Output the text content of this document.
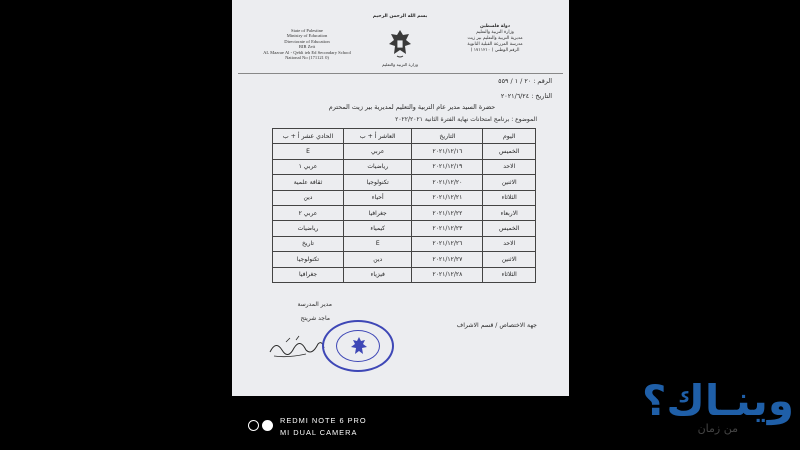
State of Palestine
Ministry of Education
Directorate of Education
BIR Zeit
AL Mazrae Al - Qebli ieh Ed Secondary School
National No (171121 0)
بسم الله الرحمن الرحيم
وزارة التربية والتعليم
دولة فلسطين
وزارة التربية والتعليم
مديرية التربية والتعليم بير زيت
مدرسة المزرعة القبلية الثانوية
الرقم الوطني ( ١٧١١٢١٠ )
الرقم : ٢٠ / ١ / ٥٥٩
التاريخ : ٢٠٢١/٦/٢٤
حضرة السيد مدير عام التربية والتعليم لمديرية بير زيت المحترم
الموضوع : برنامج امتحانات نهاية الفترة الثانية ٢٠٢٢/٢٠٢١
اليوم	التاريخ	العاشر أ + ب	الحادي عشر أ + ب
الخميس	٢٠٢١/١٢/١٦	عربي	E
الاحد	٢٠٢١/١٢/١٩	رياضيات	عربي ١
الاثنين	٢٠٢١/١٢/٢٠	تكنولوجيا	ثقافة علمية
الثلاثاء	٢٠٢١/١٢/٢١	أحياء	دين
الاربعاء	٢٠٢١/١٢/٢٢	جغرافيا	عربي ٢
الخميس	٢٠٢١/١٢/٢٣	كيمياء	رياضيات
الاحد	٢٠٢١/١٢/٢٦	E	تاريخ
الاثنين	٢٠٢١/١٢/٢٧	دين	تكنولوجيا
الثلاثاء	٢٠٢١/١٢/٢٨	فيزياء	جغرافيا
مدير المدرسة
ماجد شريتح
جهة الاختصاص / قسم الاشراف
REDMI NOTE 6 PRO
MI DUAL CAMERA
وينـاك؟
من زمان
